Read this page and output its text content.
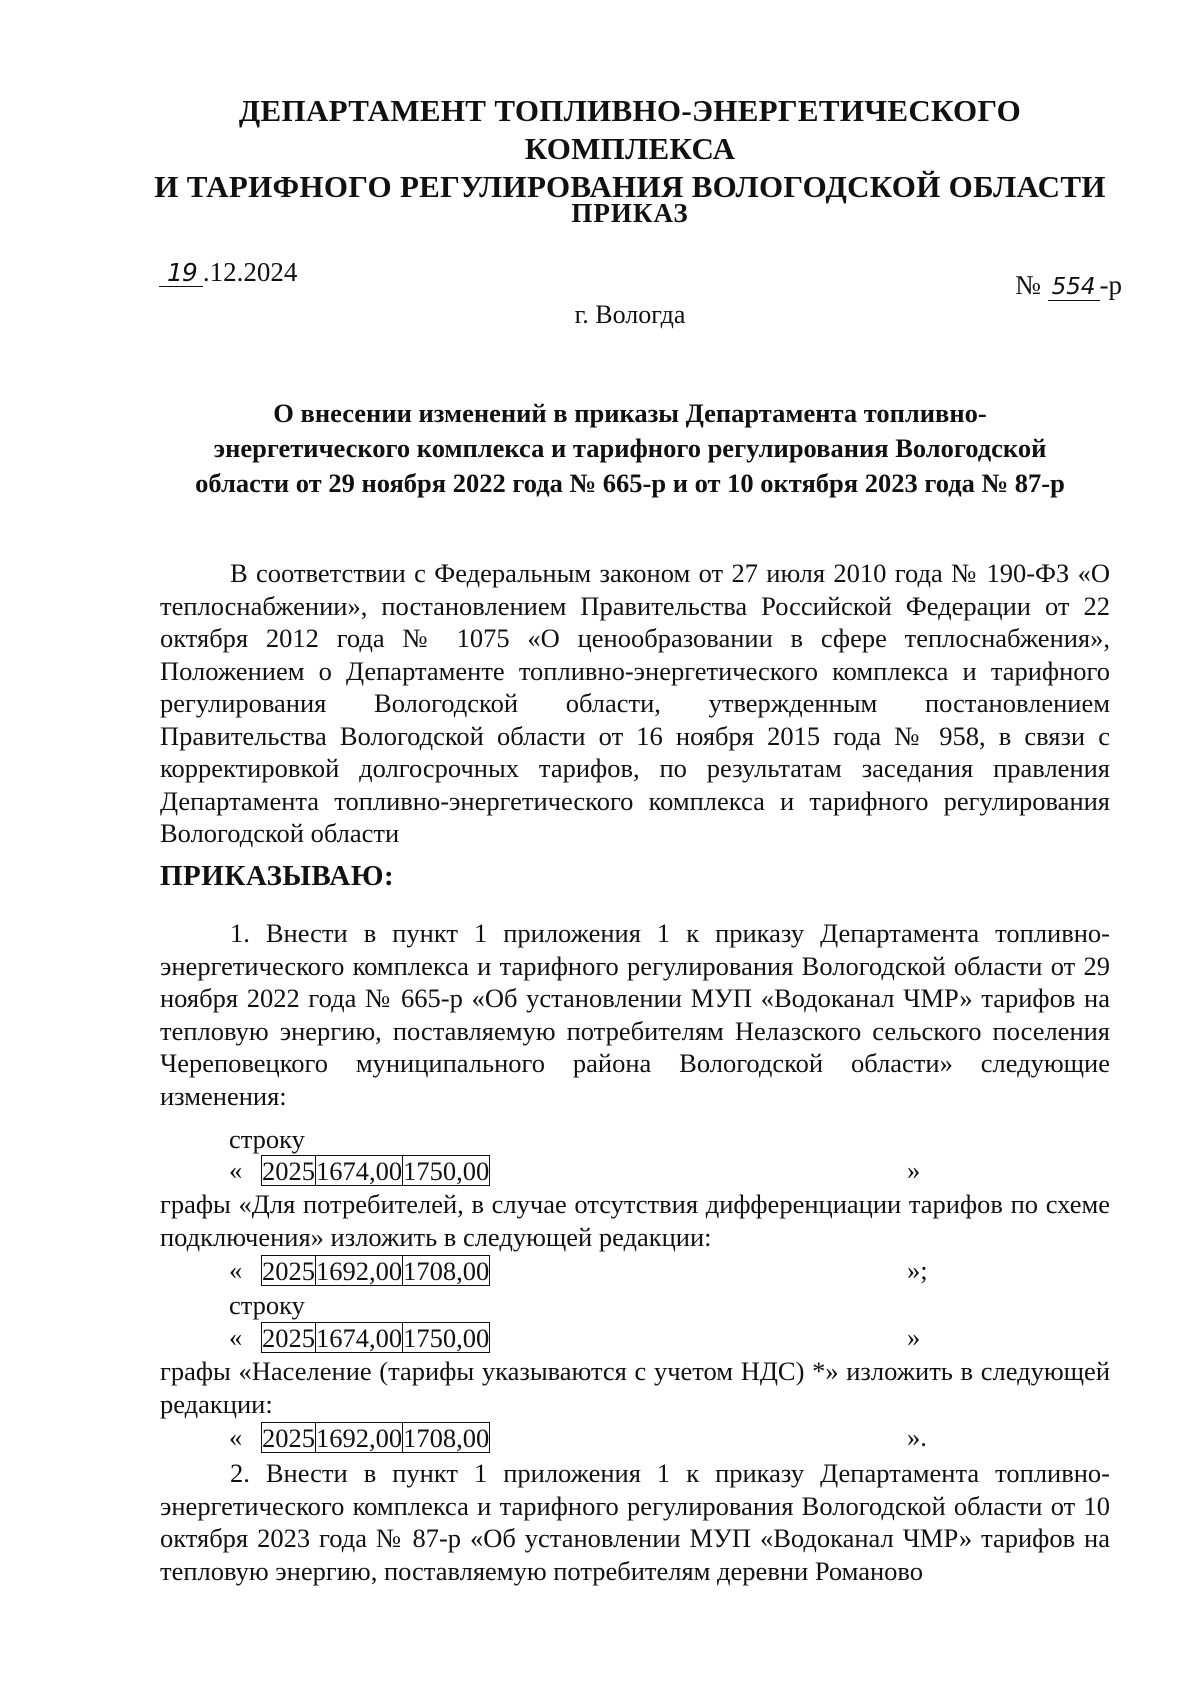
ДЕПАРТАМЕНТ ТОПЛИВНО-ЭНЕРГЕТИЧЕСКОГО КОМПЛЕКСА
И ТАРИФНОГО РЕГУЛИРОВАНИЯ ВОЛОГОДСКОЙ ОБЛАСТИ
ПРИКАЗ
19 .12.2024	№ 554 -р
г. Вологда
О внесении изменений в приказы Департамента топливно-
энергетического комплекса и тарифного регулирования Вологодской
области от 29 ноября 2022 года № 665-р и от 10 октября 2023 года № 87-р

В соответствии с Федеральным законом от 27 июля 2010 года № 190-ФЗ «О теплоснабжении», постановлением Правительства Российской Федерации от 22 октября 2012 года № 1075 «О ценообразовании в сфере теплоснабжения», Положением о Департаменте топливно-энергетического комплекса и тарифного регулирования Вологодской области, утвержденным постановлением Правительства Вологодской области от 16 ноября 2015 года № 958, в связи с корректировкой долгосрочных тарифов, по результатам заседания правления Департамента топливно-энергетического комплекса и тарифного регулирования Вологодской области

ПРИКАЗЫВАЮ:

1. Внести в пункт 1 приложения 1 к приказу Департамента топливно-энергетического комплекса и тарифного регулирования Вологодской области от 29 ноября 2022 года № 665-р «Об установлении МУП «Водоканал ЧМР» тарифов на тепловую энергию, поставляемую потребителям Нелазского сельского поселения Череповецкого муниципального района Вологодской области» следующие изменения:

строку
« 2025	1674,00	1750,00	»

графы «Для потребителей, в случае отсутствия дифференциации тарифов по схеме подключения» изложить в следующей редакции:

« 2025	1692,00	1708,00	»;
строку
« 2025	1674,00	1750,00	»

графы «Население (тарифы указываются с учетом НДС) *» изложить в следующей редакции:

« 2025	1692,00	1708,00	».

2. Внести в пункт 1 приложения 1 к приказу Департамента топливно-энергетического комплекса и тарифного регулирования Вологодской области от 10 октября 2023 года № 87-р «Об установлении МУП «Водоканал ЧМР» тарифов на тепловую энергию, поставляемую потребителям деревни Романово
